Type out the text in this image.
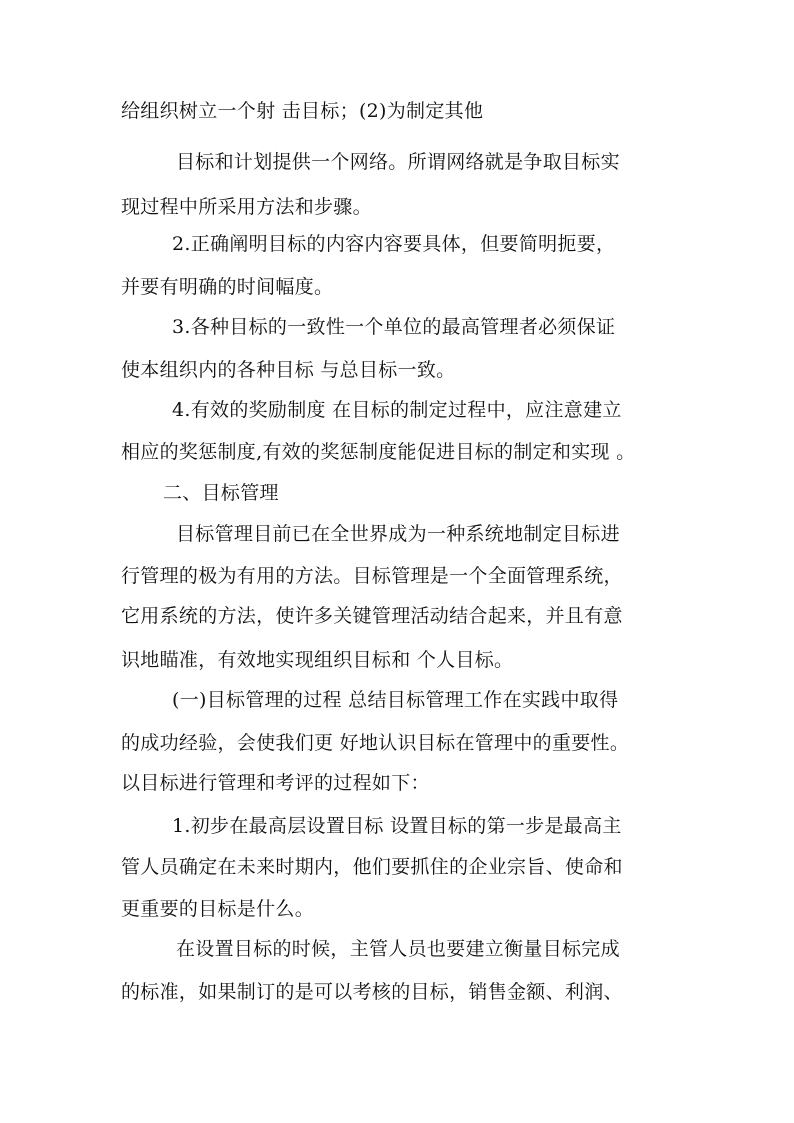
给组织树立一个射 击目标；(2)为制定其他
目标和计划提供一个网络。所谓网络就是争取目标实
现过程中所采用方法和步骤。
2.正确阐明目标的内容内容要具体，但要简明扼要，
并要有明确的时间幅度。
3.各种目标的一致性一个单位的最高管理者必须保证
使本组织内的各种目标 与总目标一致。
4.有效的奖励制度 在目标的制定过程中，应注意建立
相应的奖惩制度,有效的奖惩制度能促进目标的制定和实现 。
二、目标管理
目标管理目前已在全世界成为一种系统地制定目标进
行管理的极为有用的方法。目标管理是一个全面管理系统，
它用系统的方法，使许多关键管理活动结合起来，并且有意
识地瞄准，有效地实现组织目标和 个人目标。
(一)目标管理的过程 总结目标管理工作在实践中取得
的成功经验，会使我们更 好地认识目标在管理中的重要性。
以目标进行管理和考评的过程如下：
1.初步在最高层设置目标 设置目标的第一步是最高主
管人员确定在未来时期内，他们要抓住的企业宗旨、使命和
更重要的目标是什么。
在设置目标的时候，主管人员也要建立衡量目标完成
的标准，如果制订的是可以考核的目标，销售金额、利润、
